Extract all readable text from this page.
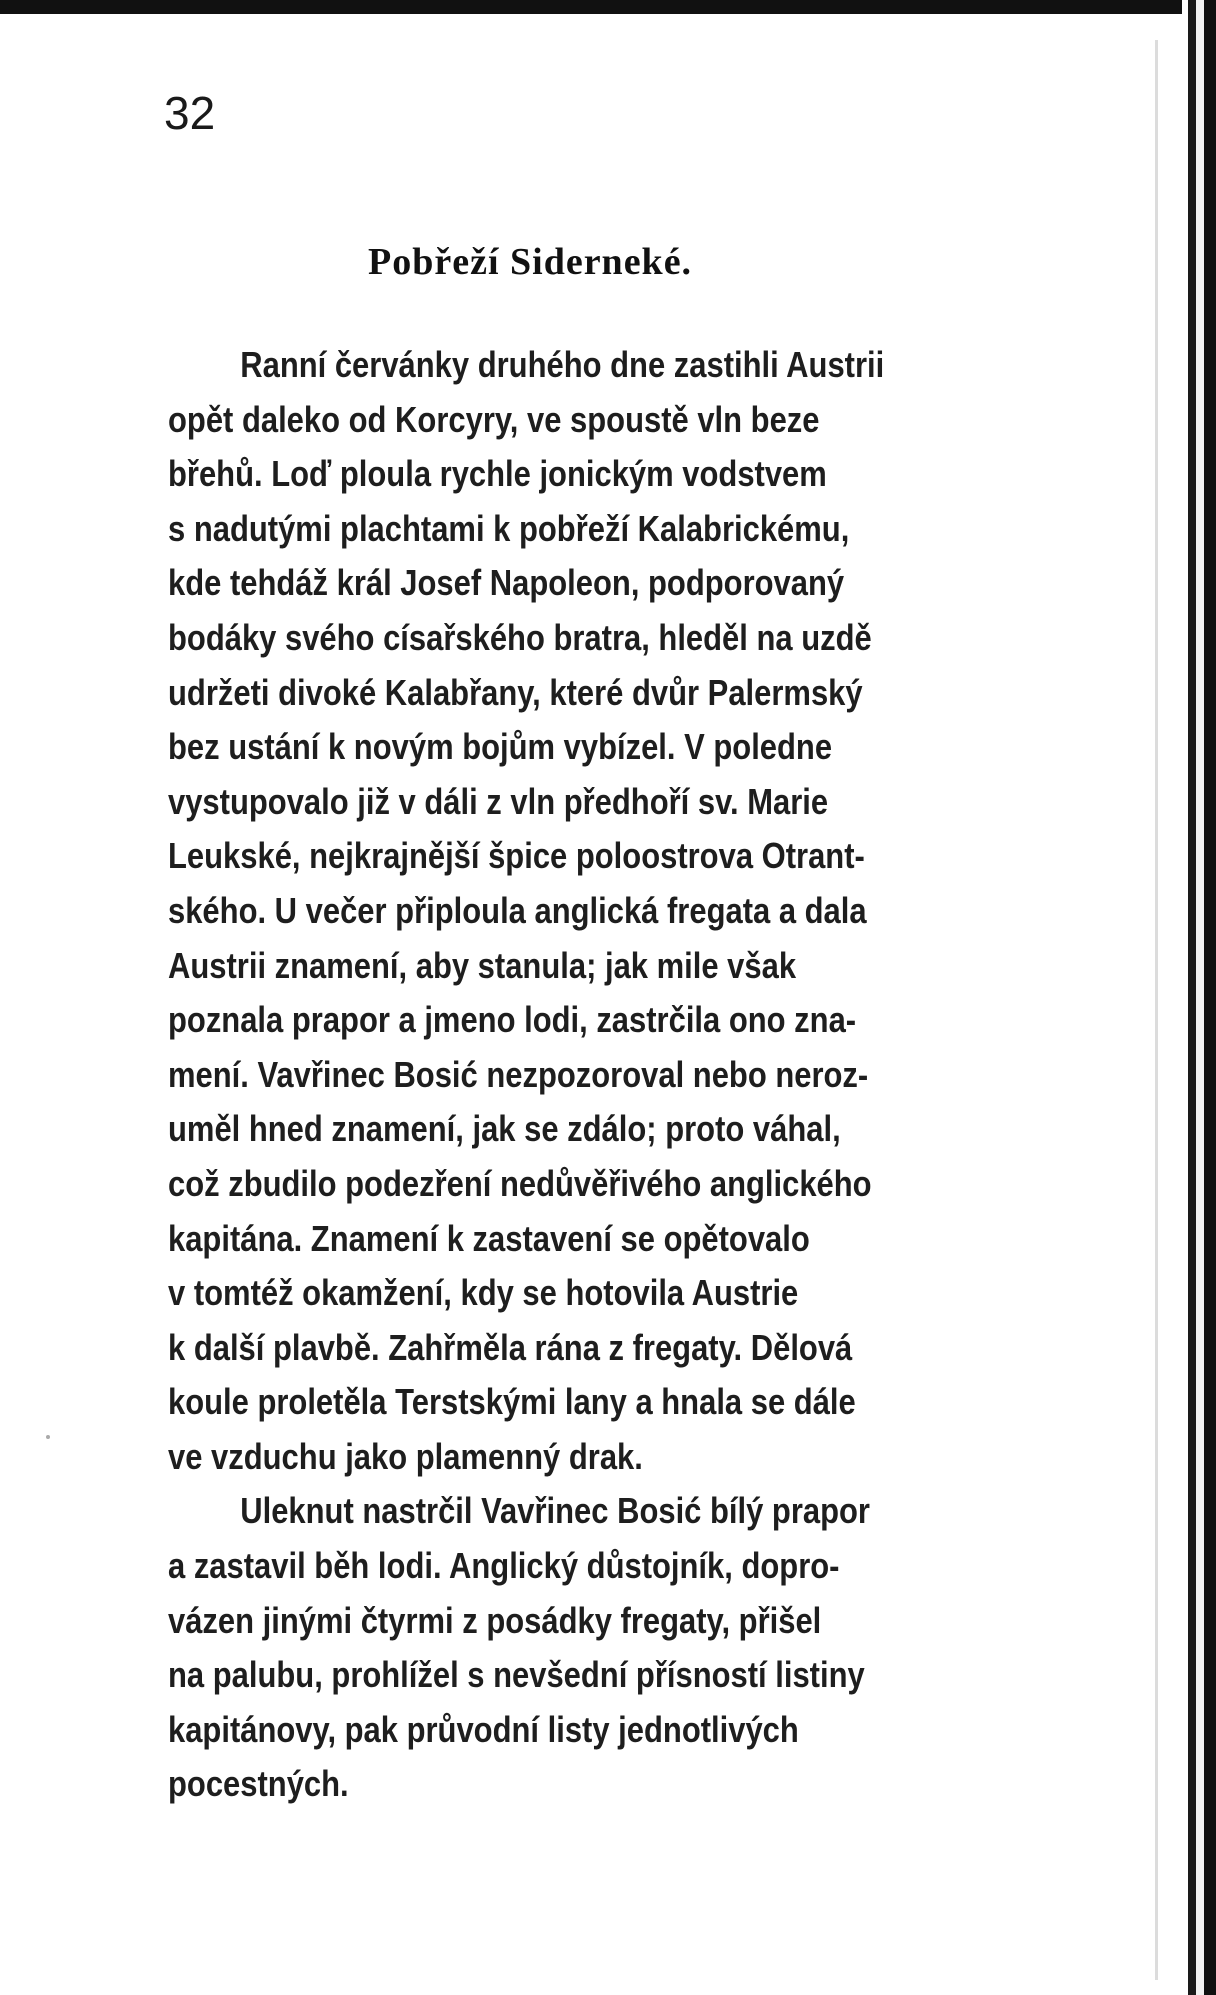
32
Pobřeží Siderneké.
Ranní červánky druhého dne zastihli Austrii
opět daleko od Korcyry, ve spoustě vln beze
břehů. Loď ploula rychle jonickým vodstvem
s nadutými plachtami k pobřeží Kalabrickému,
kde tehdáž král Josef Napoleon, podporovaný
bodáky svého císařského bratra, hleděl na uzdě
udržeti divoké Kalabřany, které dvůr Palermský
bez ustání k novým bojům vybízel. V poledne
vystupovalo již v dáli z vln předhoří sv. Marie
Leukské, nejkrajnější špice poloostrova Otrant-
ského. U večer připloula anglická fregata a dala
Austrii znamení, aby stanula; jak mile však
poznala prapor a jmeno lodi, zastrčila ono zna-
mení. Vavřinec Bosić nezpozoroval nebo neroz-
uměl hned znamení, jak se zdálo; proto váhal,
což zbudilo podezření nedůvěřivého anglického
kapitána. Znamení k zastavení se opětovalo
v tomtéž okamžení, kdy se hotovila Austrie
k další plavbě. Zahřměla rána z fregaty. Dělová
koule proletěla Terstskými lany a hnala se dále
ve vzduchu jako plamenný drak.
Uleknut nastrčil Vavřinec Bosić bílý prapor
a zastavil běh lodi. Anglický důstojník, dopro-
vázen jinými čtyrmi z posádky fregaty, přišel
na palubu, prohlížel s nevšední přísností listiny
kapitánovy, pak průvodní listy jednotlivých
pocestných.
